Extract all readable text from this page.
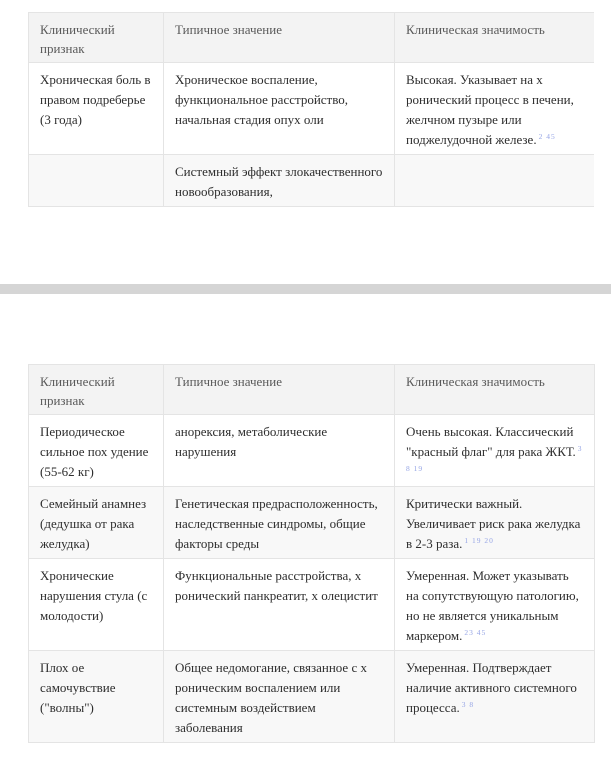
Клинический признак	Типичное значение	Клиническая значимость
Хроническая боль в правом подреберье (3 года)	Хроническое воспаление, функциональное расстройство, начальная стадия опух оли	Высокая. Указывает на х ронический процесс в печени, желчном пузыре или поджелудочной железе. $^{2 45}$
	Системный эффект злокачественного новообразования,	
Клинический признак	Типичное значение	Клиническая значимость
Периодическое сильное пох удение (55-62 кг)	анорексия, метаболические нарушения	Очень высокая. Классический "красный флаг" для рака ЖКТ. $^{3 8 19}$
Семейный анамнез (дедушка от рака желудка)	Генетическая предрасположенность, наследственные синдромы, общие факторы среды	Критически важный. Увеличивает риск рака желудка в 2-3 раза. $^{1 19 20}$
Хронические нарушения стула (с молодости)	Функциональные расстройства, х ронический панкреатит, х олецистит	Умеренная. Может указывать на сопутствующую патологию, но не является уникальным маркером. $^{23 45}$
Плох ое самочувствие ("волны")	Общее недомогание, связанное с х роническим воспалением или системным воздействием заболевания	Умеренная. Подтверждает наличие активного системного процесса. $^{3 8}$
